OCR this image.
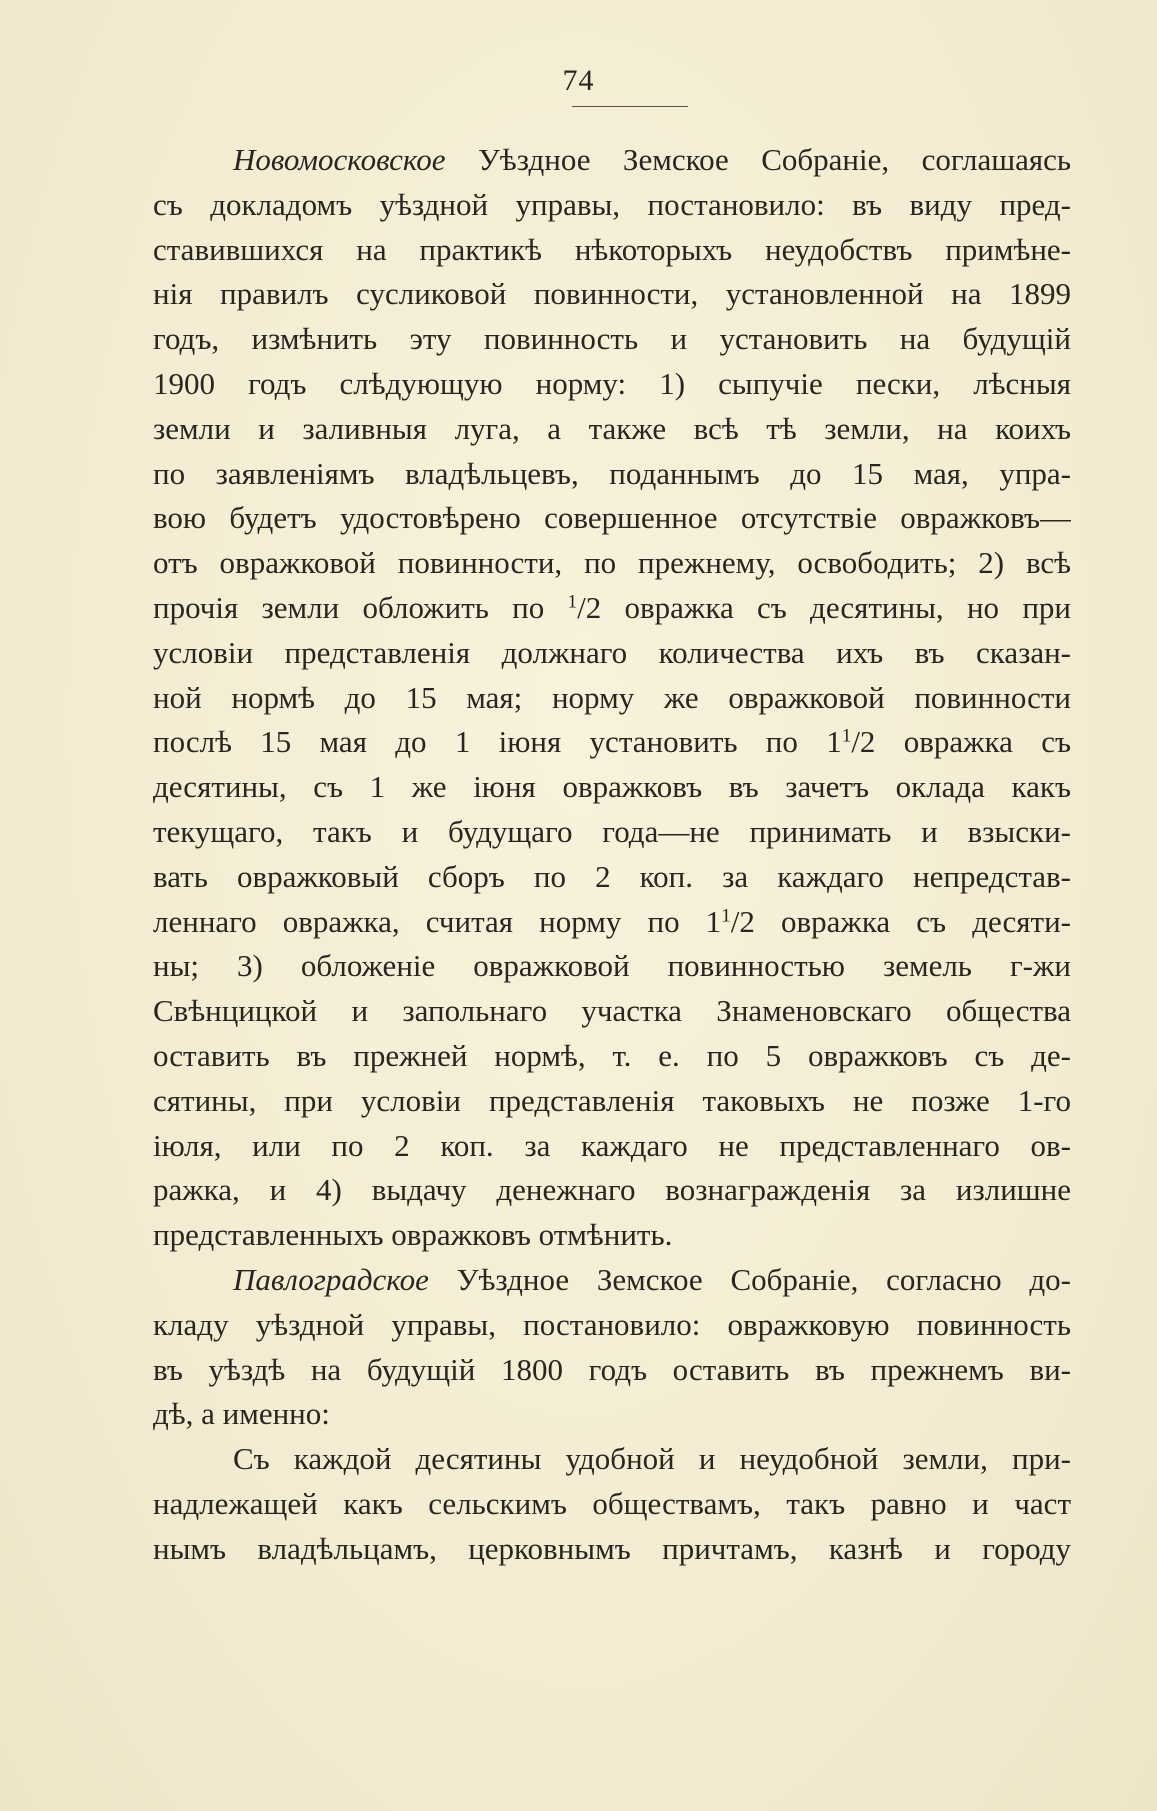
74

Новомосковское Уѣздное Земское Собраніе, соглашаясь
съ докладомъ уѣздной управы, постановило: въ виду пред-
ставившихся на практикѣ нѣкоторыхъ неудобствъ примѣне-
нія правилъ сусликовой повинности, установленной на 1899
годъ, измѣнить эту повинность и установить на будущій
1900 годъ слѣдующую норму: 1) сыпучіе пески, лѣсныя
земли и заливныя луга, а также всѣ тѣ земли, на коихъ
по заявленіямъ владѣльцевъ, поданнымъ до 15 мая, упра-
вою будетъ удостовѣрено совершенное отсутствіе овражковъ—
отъ овражковой повинности, по прежнему, освободить; 2) всѣ
прочія земли обложить по $^1$/2 овражка съ десятины, но при
условіи представленія должнаго количества ихъ въ сказан-
ной нормѣ до 15 мая; норму же овражковой повинности
послѣ 15 мая до 1 іюня установить по $1^1/2$ овражка съ
десятины, съ 1 же іюня овражковъ въ зачетъ оклада какъ
текущаго, такъ и будущаго года—не принимать и взыски-
вать овражковый сборъ по 2 коп. за каждаго непредстав-
леннаго овражка, считая норму по $1^1/2$ овражка съ десяти-
ны; 3) обложеніе овражковой повинностью земель г-жи
Свѣнцицкой и запольнаго участка Знаменовскаго общества
оставить въ прежней нормѣ, т. е. по 5 овражковъ съ де-
сятины, при условіи представленія таковыхъ не позже 1-го
іюля, или по 2 коп. за каждаго не представленнаго ов-
ражка, и 4) выдачу денежнаго вознагражденія за излишне
представленныхъ овражковъ отмѣнить.

Павлоградское Уѣздное Земское Собраніе, согласно до-
кладу уѣздной управы, постановило: овражковую повинность
въ уѣздѣ на будущій 1800 годъ оставить въ прежнемъ ви-
дѣ, а именно:

Съ каждой десятины удобной и неудобной земли, при-
надлежащей какъ сельскимъ обществамъ, такъ равно и част
нымъ владѣльцамъ, церковнымъ причтамъ, казнѣ и городу
